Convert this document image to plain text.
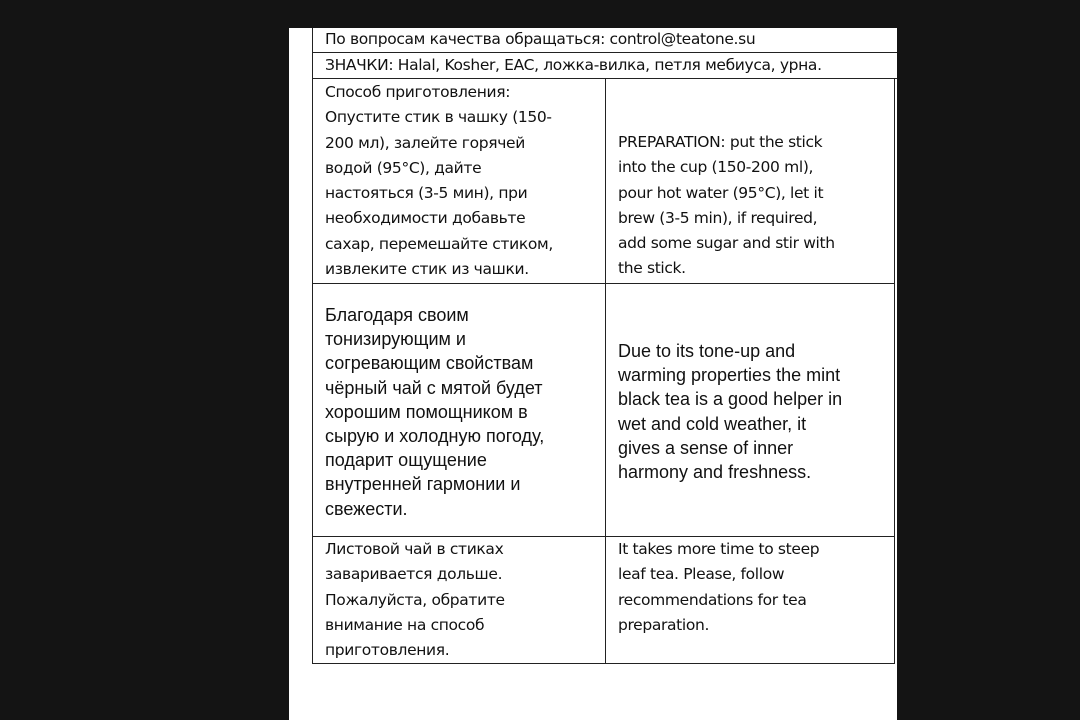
По вопросам качества обращаться: control@teatone.su
ЗНАЧКИ: Halal, Kosher, EAC, ложка-вилка, петля мебиуса, урна.
Способ приготовления:
Опустите стик в чашку (150-
200 мл), залейте горячей
водой (95°С), дайте
настояться (3-5 мин), при
необходимости добавьте
сахар, перемешайте стиком,
извлеките стик из чашки.
PREPARATION: put the stick
into the cup (150-200 ml),
pour hot water (95°C), let it
brew (3-5 min), if required,
add some sugar and stir with
the stick.
Благодаря своим
тонизирующим и
согревающим свойствам
чёрный чай с мятой будет
хорошим помощником в
сырую и холодную погоду,
подарит ощущение
внутренней гармонии и
свежести.
Due to its tone-up and
warming properties the mint
black tea is a good helper in
wet and cold weather, it
gives a sense of inner
harmony and freshness.
Листовой чай в стиках
заваривается дольше.
Пожалуйста, обратите
внимание на способ
приготовления.
It takes more time to steep
leaf tea. Please, follow
recommendations for tea
preparation.
